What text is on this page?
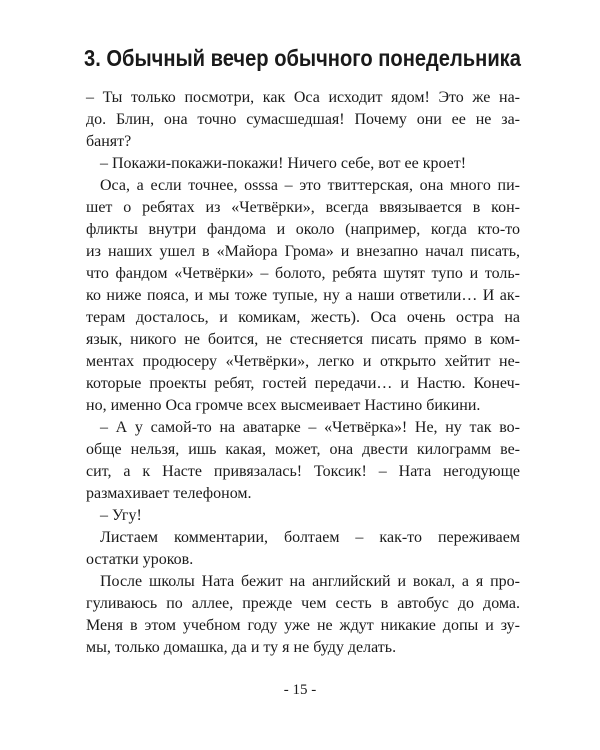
3. Обычный вечер обычного понедельника
– Ты только посмотри, как Оса исходит ядом! Это же на-
до. Блин, она точно сумасшедшая! Почему они ее не за-
банят?
– Покажи-покажи-покажи! Ничего себе, вот ее кроет!
Оса, а если точнее, osssa – это твиттерская, она много пи-
шет о ребятах из «Четвёрки», всегда ввязывается в кон-
фликты внутри фандома и около (например, когда кто-то
из наших ушел в «Майора Грома» и внезапно начал писать,
что фандом «Четвёрки» – болото, ребята шутят тупо и толь-
ко ниже пояса, и мы тоже тупые, ну а наши ответили… И ак-
терам досталось, и комикам, жесть). Оса очень остра на
язык, никого не боится, не стесняется писать прямо в ком-
ментах продюсеру «Четвёрки», легко и открыто хейтит не-
которые проекты ребят, гостей передачи… и Настю. Конеч-
но, именно Оса громче всех высмеивает Настино бикини.
– А у самой-то на аватарке – «Четвёрка»! Не, ну так во-
обще нельзя, ишь какая, может, она двести килограмм ве-
сит, а к Насте привязалась! Токсик! – Ната негодующе
размахивает телефоном.
– Угу!
Листаем комментарии, болтаем – как-то переживаем
остатки уроков.
После школы Ната бежит на английский и вокал, а я про-
гуливаюсь по аллее, прежде чем сесть в автобус до дома.
Меня в этом учебном году уже не ждут никакие допы и зу-
мы, только домашка, да и ту я не буду делать.
- 15 -
